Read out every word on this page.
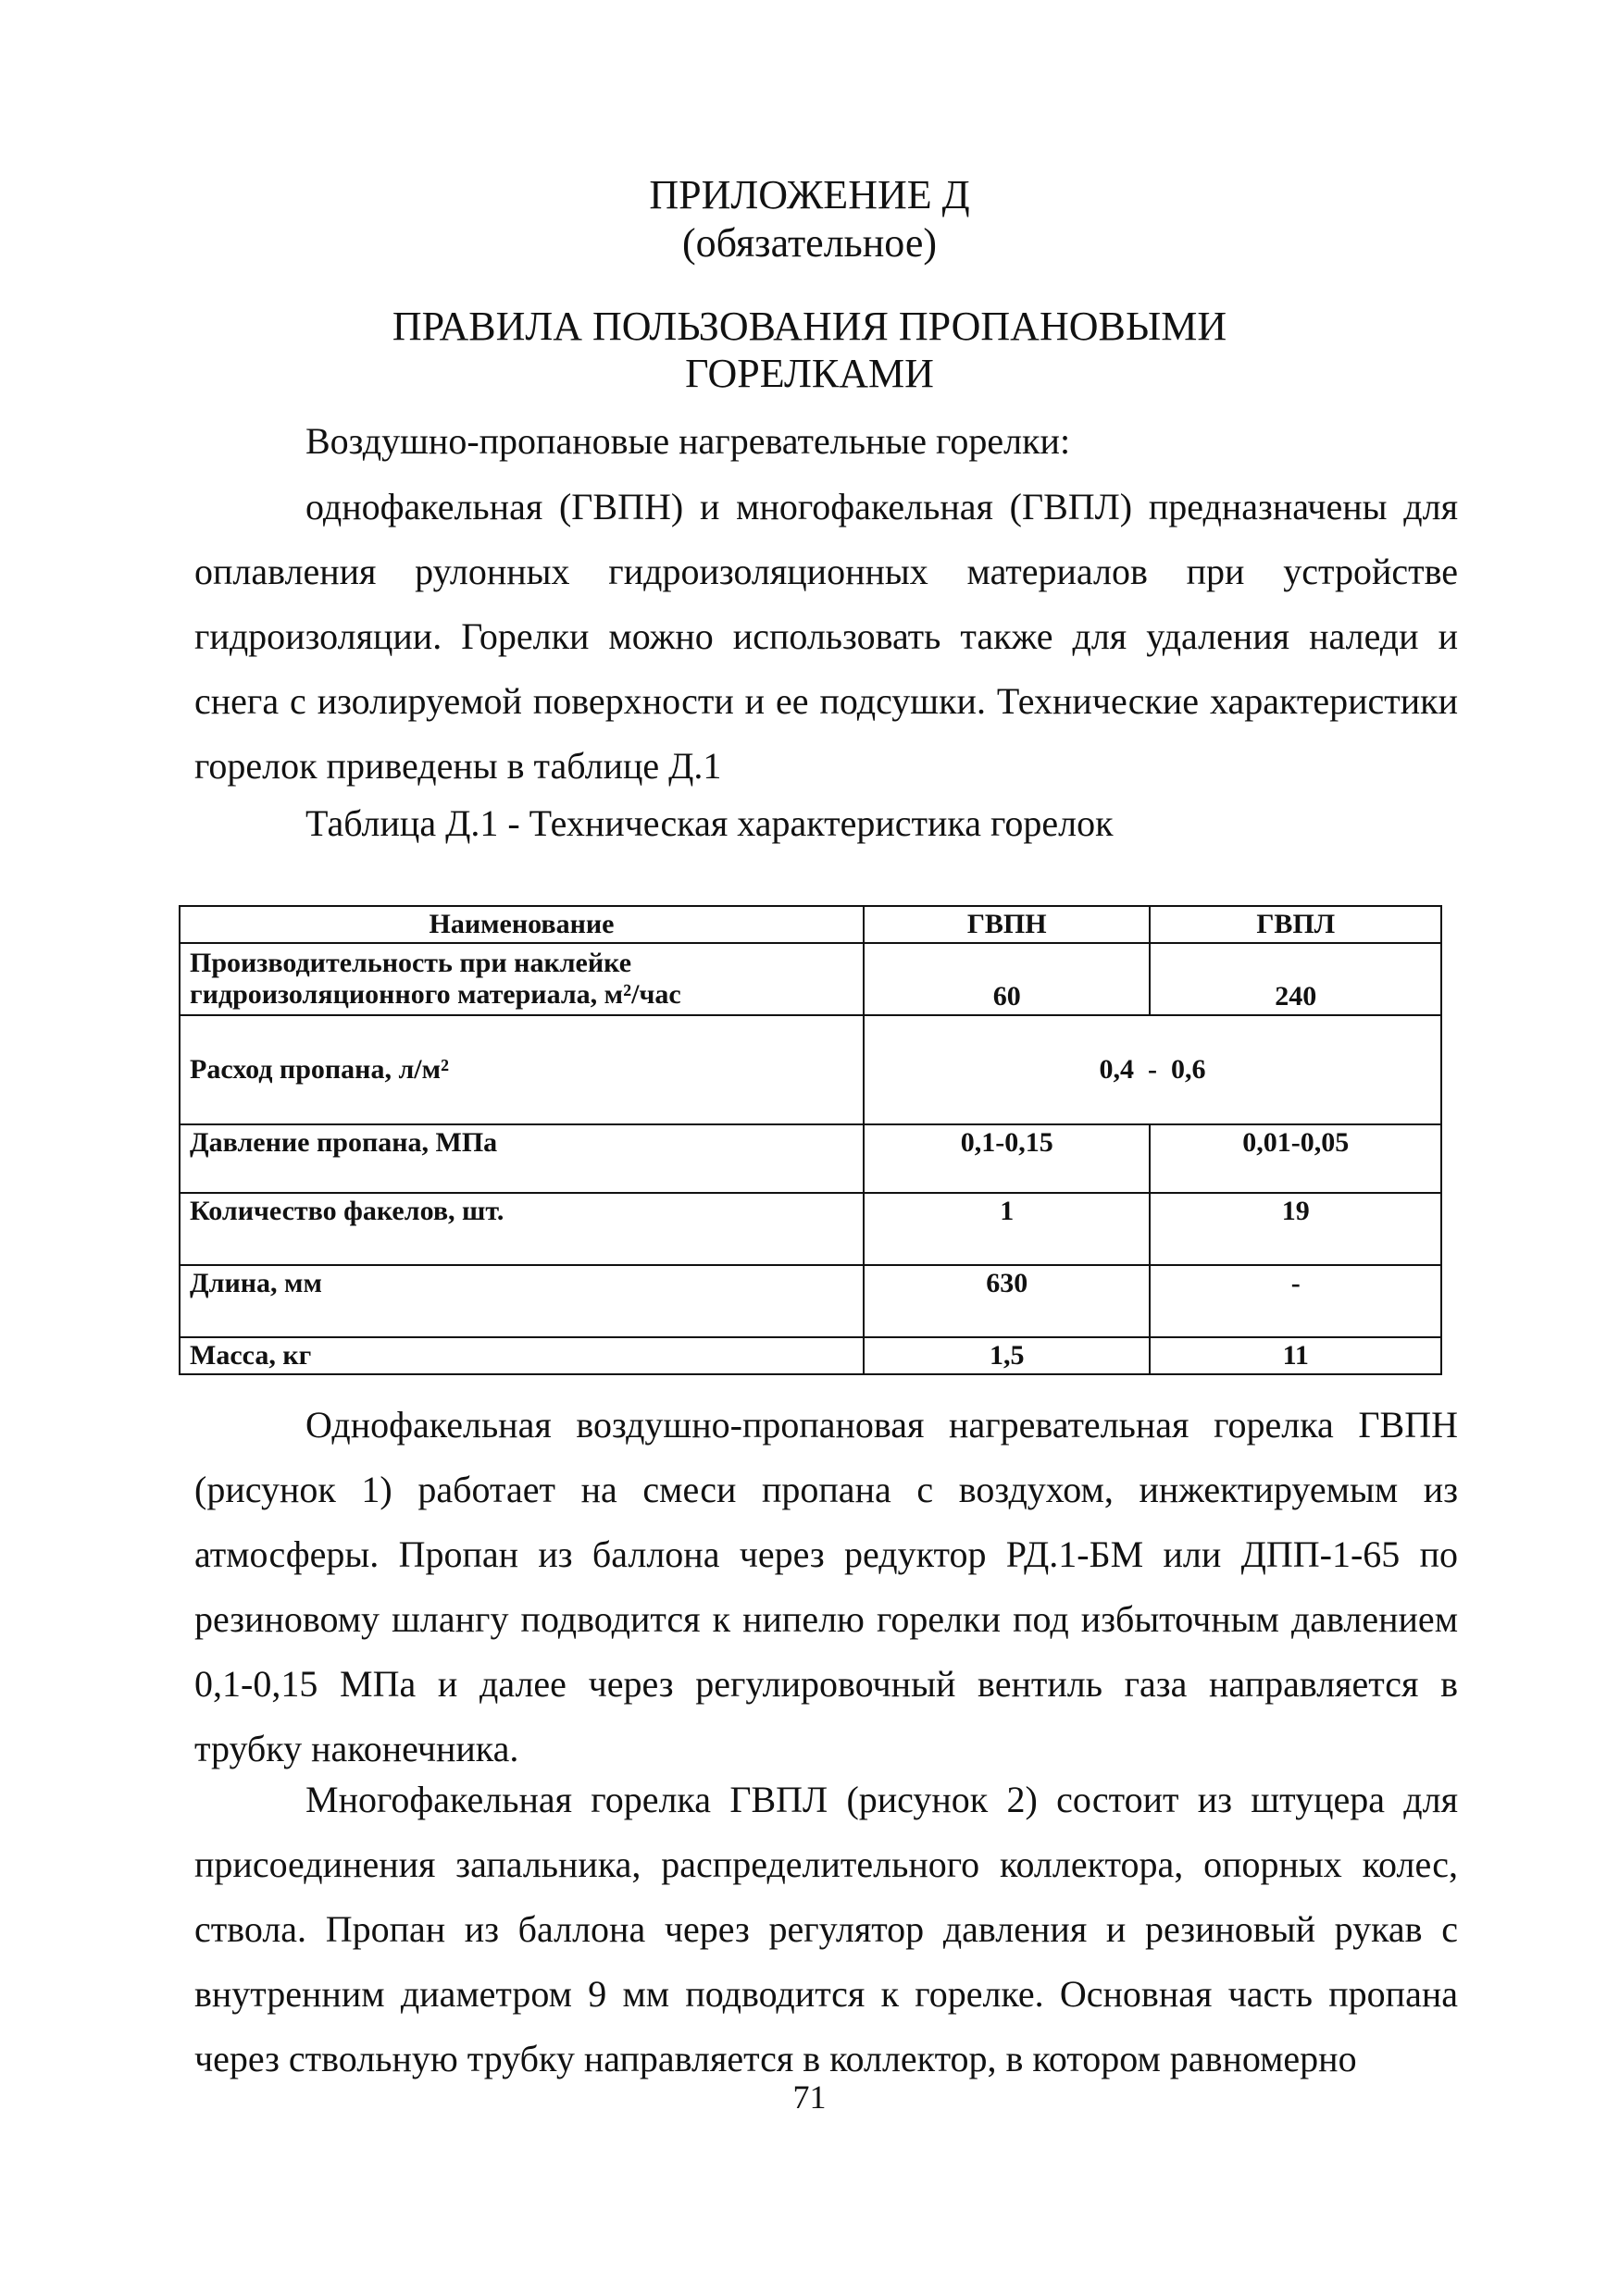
ПРИЛОЖЕНИЕ Д
(обязательное)
ПРАВИЛА ПОЛЬЗОВАНИЯ ПРОПАНОВЫМИ
ГОРЕЛКАМИ
Воздушно-пропановые нагревательные горелки:
однофакельная (ГВПН) и многофакельная (ГВПЛ) предназначены для оплавления рулонных гидроизоляционных материалов при устройстве гидроизоляции. Горелки можно использовать также для удаления наледи и снега с изолируемой поверхности и ее подсушки. Технические характеристики горелок приведены в таблице Д.1
Таблица Д.1 - Техническая характеристика горелок
Наименование	ГВПН	ГВПЛ
Производительность при наклейке гидроизоляционного материала, м²/час	60	240
Расход пропана, л/м²	0,4  -  0,6	
Давление пропана, МПа	0,1-0,15	0,01-0,05
Количество факелов, шт.	1	19
Длина, мм	630	-
Масса, кг	1,5	11
Однофакельная воздушно-пропановая нагревательная горелка ГВПН (рисунок 1) работает на смеси пропана с воздухом, инжектируемым из атмосферы. Пропан из баллона через редуктор РД.1-БМ или ДПП-1-65 по резиновому шлангу подводится к нипелю горелки под избыточным давлением 0,1-0,15 МПа и далее через регулировочный вентиль газа направляется в трубку наконечника.
Многофакельная горелка ГВПЛ (рисунок 2) состоит из штуцера для присоединения запальника, распределительного коллектора, опорных колес, ствола. Пропан из баллона через регулятор давления и резиновый рукав с внутренним диаметром 9 мм подводится к горелке. Основная часть пропана через ствольную трубку направляется в коллектор, в котором равномерно
71
